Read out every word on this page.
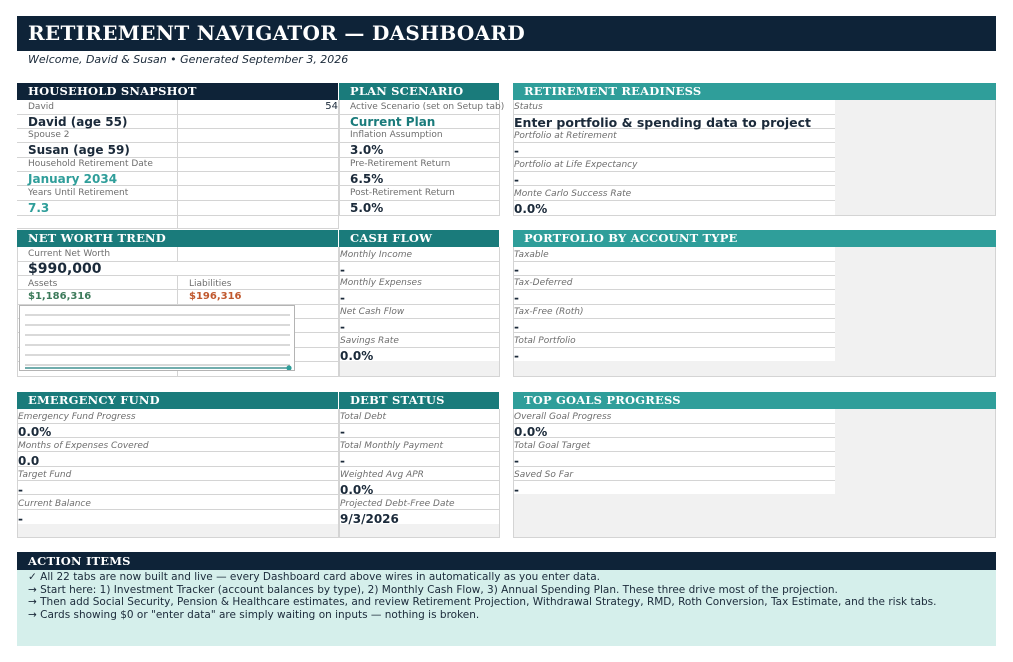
RETIREMENT NAVIGATOR — DASHBOARD
Welcome, David & Susan • Generated September 3, 2026
HOUSEHOLD SNAPSHOT
David	54
David (age 55)
Spouse 2
Susan (age 59)
Household Retirement Date
January 2034
Years Until Retirement
7.3
PLAN SCENARIO
Active Scenario (set on Setup tab)
Current Plan
Inflation Assumption
3.0%
Pre-Retirement Return
6.5%
Post-Retirement Return
5.0%
RETIREMENT READINESS
Status
Enter portfolio & spending data to project
Portfolio at Retirement
-
Portfolio at Life Expectancy
-
Monte Carlo Success Rate
0.0%
NET WORTH TREND
Current Net Worth
$990,000
Assets
$1,186,316
Liabilities
$196,316
CASH FLOW
Monthly Income
-
Monthly Expenses
-
Net Cash Flow
-
Savings Rate
0.0%
PORTFOLIO BY ACCOUNT TYPE
Taxable
-
Tax-Deferred
-
Tax-Free (Roth)
-
Total Portfolio
-
EMERGENCY FUND
Emergency Fund Progress
0.0%
Months of Expenses Covered
0.0
Target Fund
-
Current Balance
-
DEBT STATUS
Total Debt
-
Total Monthly Payment
-
Weighted Avg APR
0.0%
Projected Debt-Free Date
9/3/2026
TOP GOALS PROGRESS
Overall Goal Progress
0.0%
Total Goal Target
-
Saved So Far
-
ACTION ITEMS

✓ All 22 tabs are now built and live — every Dashboard card above wires in automatically as you enter data.

→ Start here: 1) Investment Tracker (account balances by type), 2) Monthly Cash Flow, 3) Annual Spending Plan. These three drive most of the projection.

→ Then add Social Security, Pension & Healthcare estimates, and review Retirement Projection, Withdrawal Strategy, RMD, Roth Conversion, Tax Estimate, and the risk tabs.

→ Cards showing $0 or "enter data" are simply waiting on inputs — nothing is broken.
